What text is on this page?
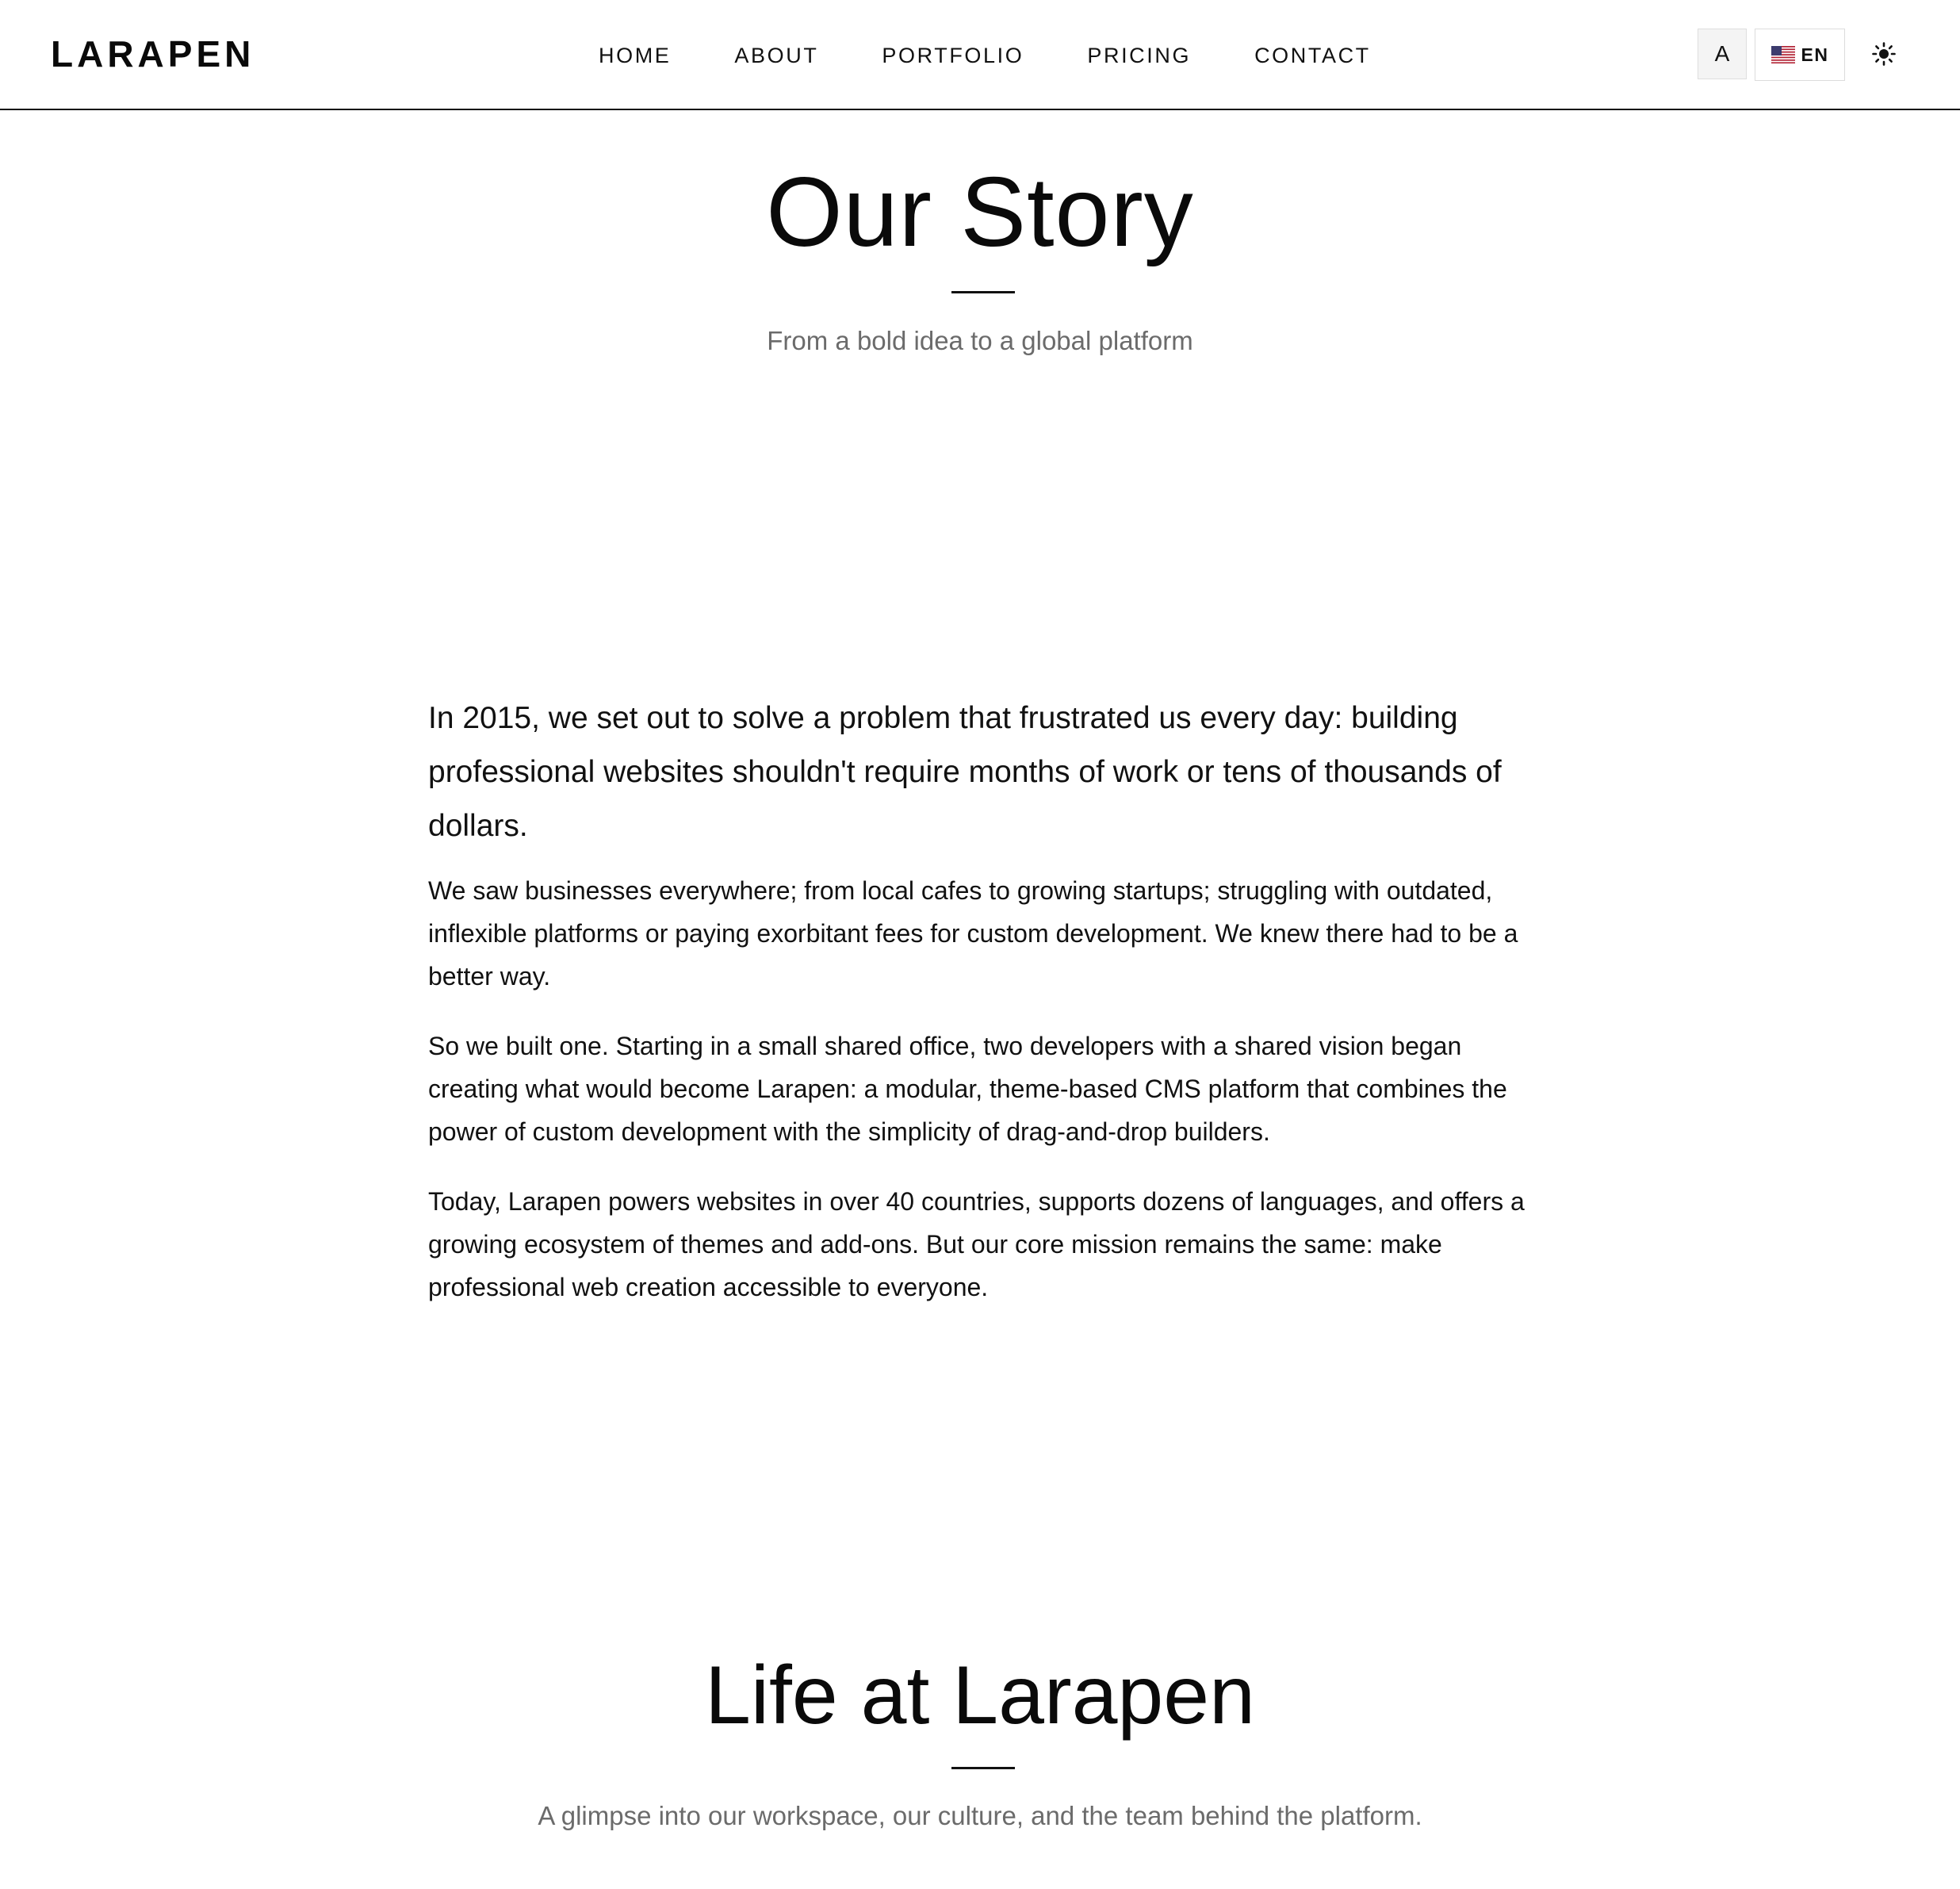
LARAPEN	HOME	ABOUT	PORTFOLIO	PRICING	CONTACT	A	EN
Our Story

From a bold idea to a global platform

In 2015, we set out to solve a problem that frustrated us every day: building professional websites shouldn't require months of work or tens of thousands of dollars.

We saw businesses everywhere; from local cafes to growing startups; struggling with outdated, inflexible platforms or paying exorbitant fees for custom development. We knew there had to be a better way.

So we built one. Starting in a small shared office, two developers with a shared vision began creating what would become Larapen: a modular, theme-based CMS platform that combines the power of custom development with the simplicity of drag-and-drop builders.

Today, Larapen powers websites in over 40 countries, supports dozens of languages, and offers a growing ecosystem of themes and add-ons. But our core mission remains the same: make professional web creation accessible to everyone.

Life at Larapen

A glimpse into our workspace, our culture, and the team behind the platform.
